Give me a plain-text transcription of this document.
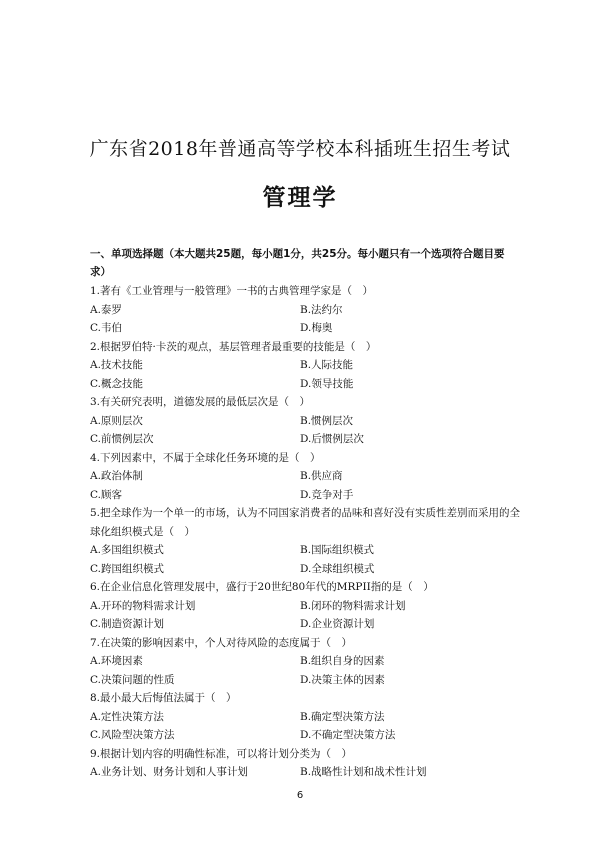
广东省2018年普通高等学校本科插班生招生考试
管理学
一、单项选择题（本大题共25题，每小题1分，共25分。每小题只有一个选项符合题目要求）
1.著有《工业管理与一般管理》一书的古典管理学家是（　）
A.泰罗	B.法约尔
C.韦伯	D.梅奥
2.根据罗伯特·卡茨的观点，基层管理者最重要的技能是（　）
A.技术技能	B.人际技能
C.概念技能	D.领导技能
3.有关研究表明，道德发展的最低层次是（　）
A.原则层次	B.惯例层次
C.前惯例层次	D.后惯例层次
4.下列因素中，不属于全球化任务环境的是（　）
A.政治体制	B.供应商
C.顾客	D.竞争对手
5.把全球作为一个单一的市场，认为不同国家消费者的品味和喜好没有实质性差别而采用的全球化组织模式是（　）
A.多国组织模式	B.国际组织模式
C.跨国组织模式	D.全球组织模式
6.在企业信息化管理发展中，盛行于20世纪80年代的MRPII指的是（　）
A.开环的物料需求计划	B.闭环的物料需求计划
C.制造资源计划	D.企业资源计划
7.在决策的影响因素中，个人对待风险的态度属于（　）
A.环境因素	B.组织自身的因素
C.决策问题的性质	D.决策主体的因素
8.最小最大后悔值法属于（　）
A.定性决策方法	B.确定型决策方法
C.风险型决策方法	D.不确定型决策方法
9.根据计划内容的明确性标准，可以将计划分类为（　）
A.业务计划、财务计划和人事计划	B.战略性计划和战术性计划
6
